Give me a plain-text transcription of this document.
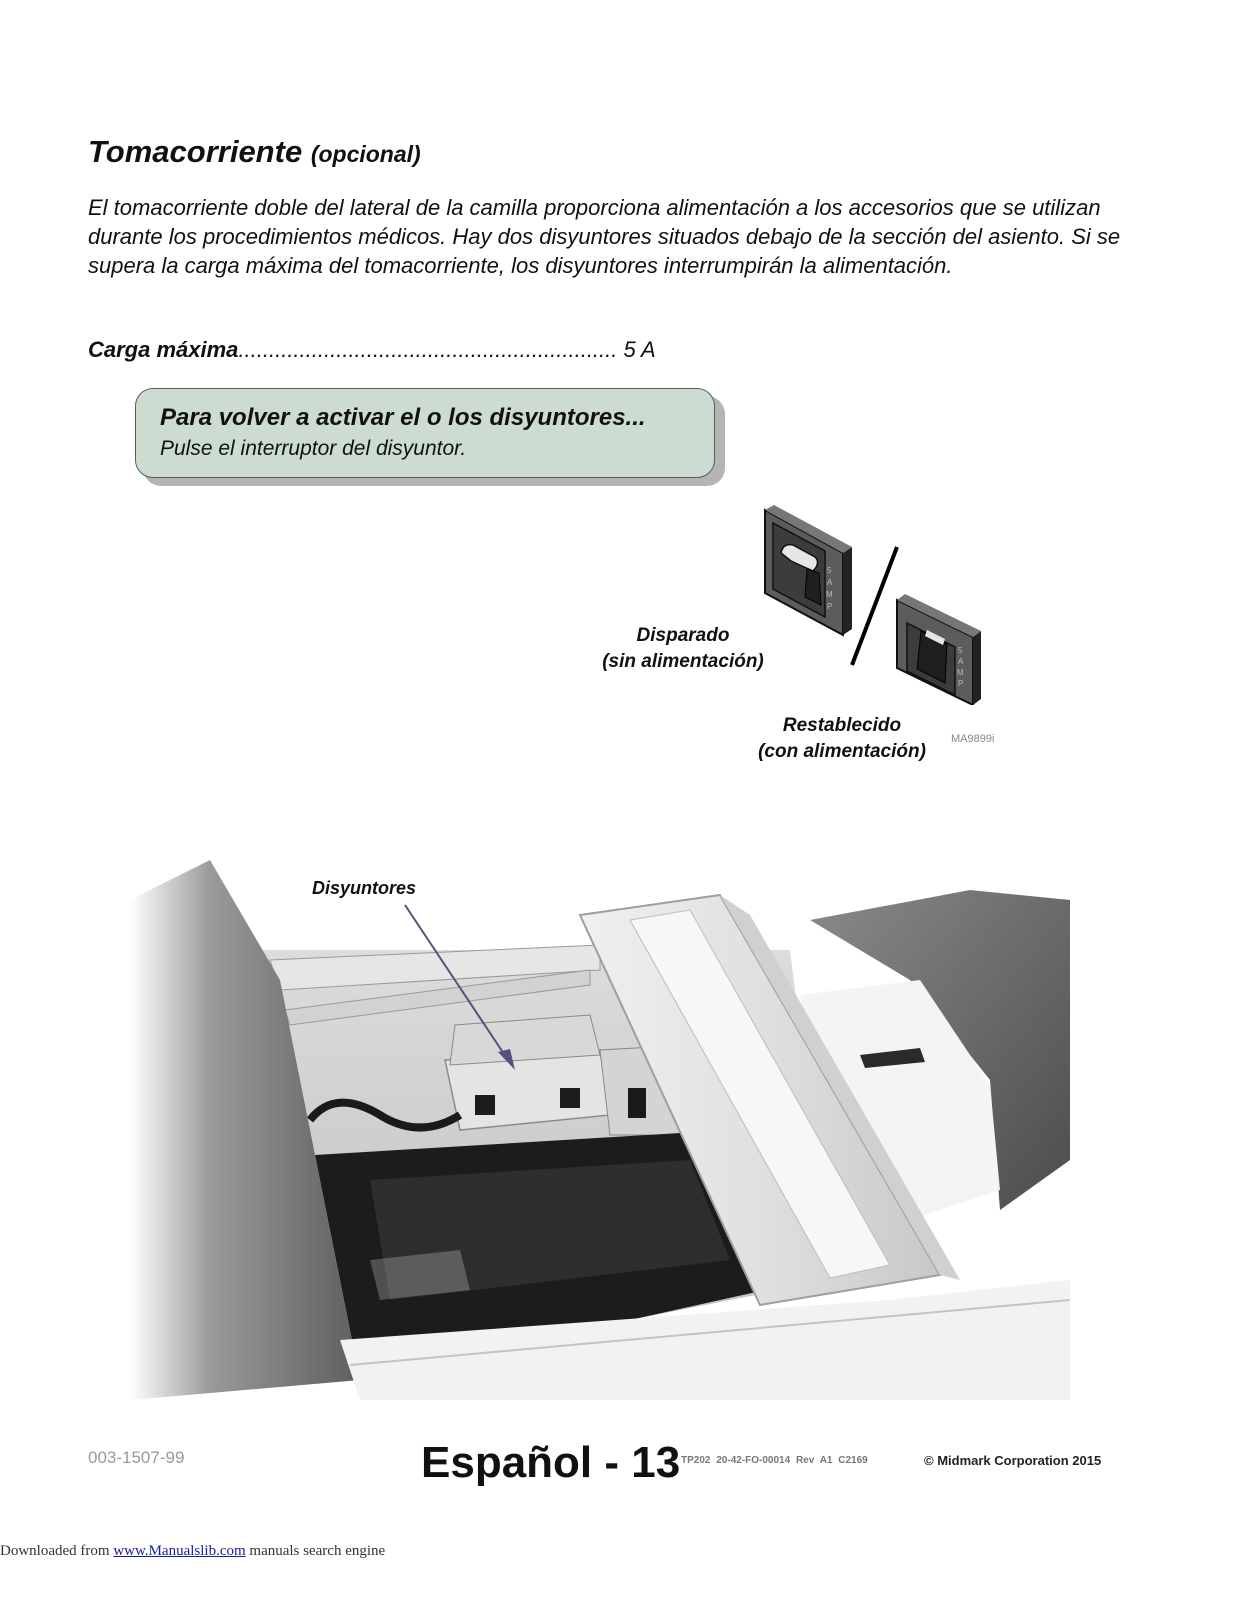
Tomacorriente (opcional)
El tomacorriente doble del lateral de la camilla proporciona alimentación a los accesorios que se utilizan durante los procedimientos médicos. Hay dos disyuntores situados debajo de la sección del asiento. Si se supera la carga máxima del tomacorriente, los disyuntores interrumpirán la alimentación.
Carga máxima.............................................................. 5 A
Para volver a activar el o los disyuntores...
Pulse el interruptor del disyuntor.
5
A
M
P
5
A
M
P
Disparado
(sin alimentación)
Restablecido
(con alimentación)
MA9899i
Disyuntores
003-1507-99	Español - 13 TP202 20-42-FO-00014 Rev A1 C2169	© Midmark Corporation 2015
Downloaded from www.Manualslib.com manuals search engine
